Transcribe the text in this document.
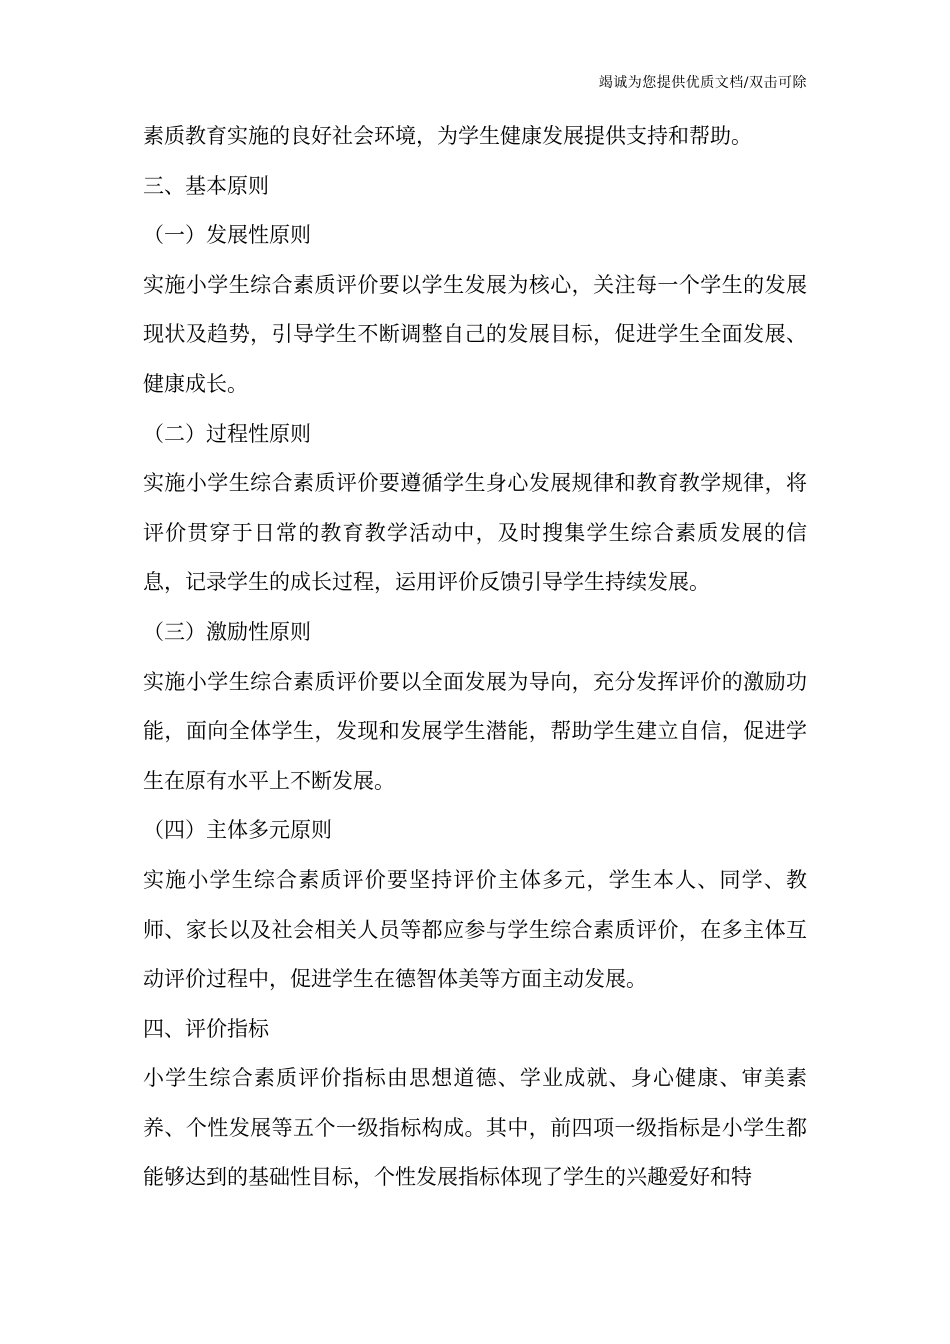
竭诚为您提供优质文档/双击可除

素质教育实施的良好社会环境，为学生健康发展提供支持和帮助。

三、基本原则

（一）发展性原则

实施小学生综合素质评价要以学生发展为核心，关注每一个学生的发展现状及趋势，引导学生不断调整自己的发展目标，促进学生全面发展、健康成长。

（二）过程性原则

实施小学生综合素质评价要遵循学生身心发展规律和教育教学规律，将评价贯穿于日常的教育教学活动中，及时搜集学生综合素质发展的信息，记录学生的成长过程，运用评价反馈引导学生持续发展。

（三）激励性原则

实施小学生综合素质评价要以全面发展为导向，充分发挥评价的激励功能，面向全体学生，发现和发展学生潜能，帮助学生建立自信，促进学生在原有水平上不断发展。

（四）主体多元原则

实施小学生综合素质评价要坚持评价主体多元，学生本人、同学、教师、家长以及社会相关人员等都应参与学生综合素质评价，在多主体互动评价过程中，促进学生在德智体美等方面主动发展。

四、评价指标

小学生综合素质评价指标由思想道德、学业成就、身心健康、审美素养、个性发展等五个一级指标构成。其中，前四项一级指标是小学生都能够达到的基础性目标，个性发展指标体现了学生的兴趣爱好和特
